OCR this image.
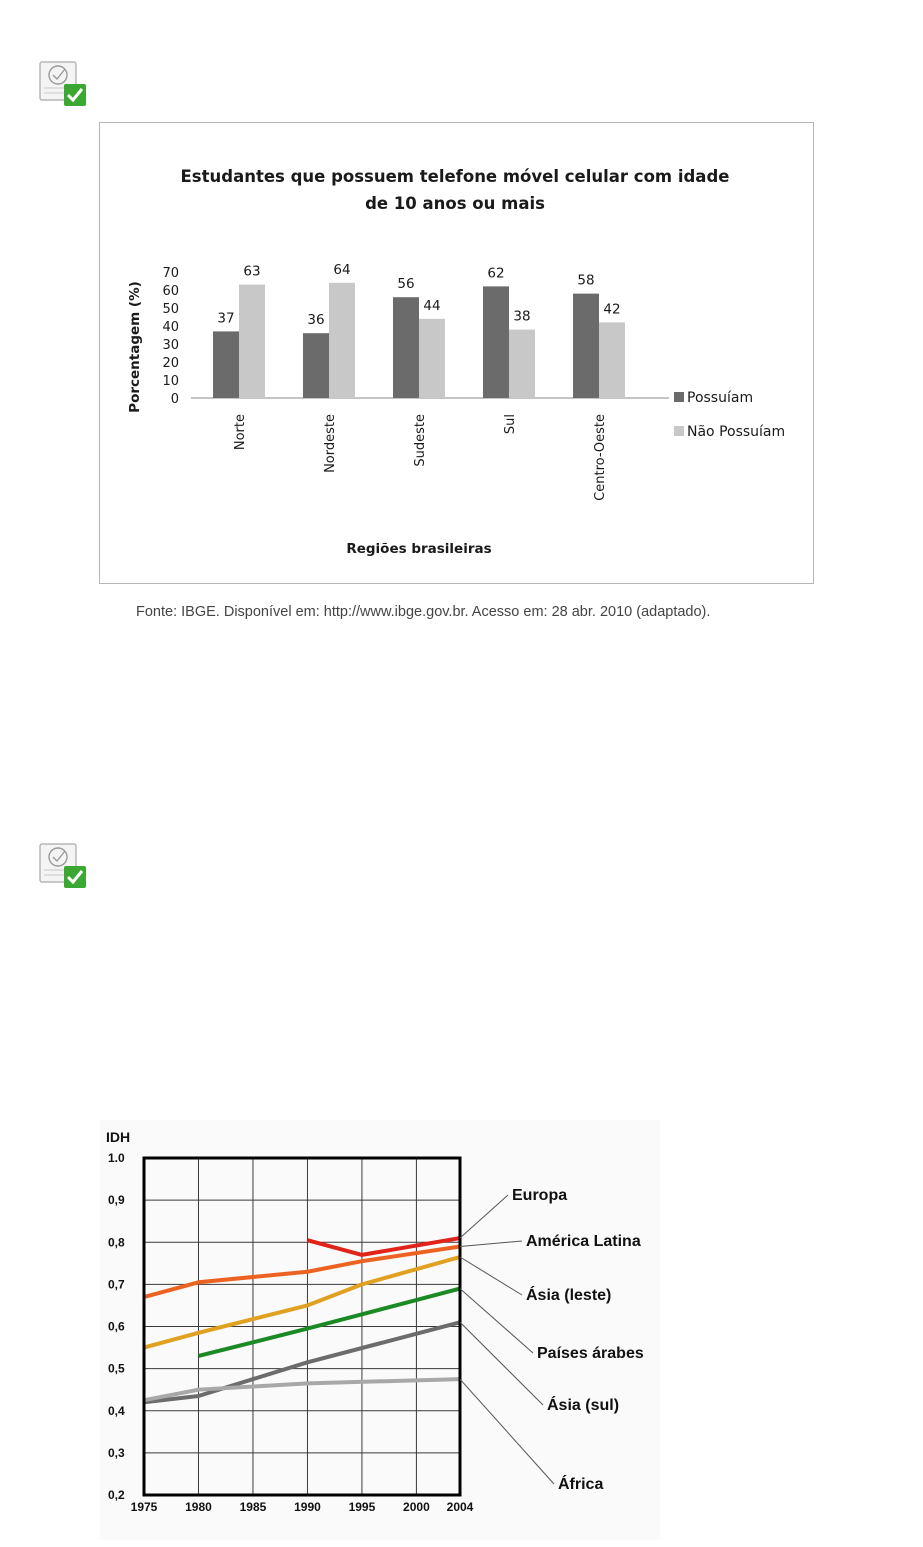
Estudantes que possuem telefone móvel celular com idade
de 10 anos ou mais
0
10
20
30
40
50
60
70
Porcentagem (%)	37
63
36
64
56
44
62
38
58
42
Norte	Nordeste	Sudeste	Sul	Centro-Oeste
Regiões brasileiras
Possuíam
Não Possuíam
Fonte: IBGE. Disponível em: http://www.ibge.gov.br. Acesso em: 28 abr. 2010 (adaptado).
IDH
0,2
0,3
0,4
0,5
0,6
0,7
0,8
0,9
1.0
1975 1980 1985 1990 1995 2000 2004
Europa
América Latina
Ásia (leste)
Países árabes
Ásia (sul)
África
